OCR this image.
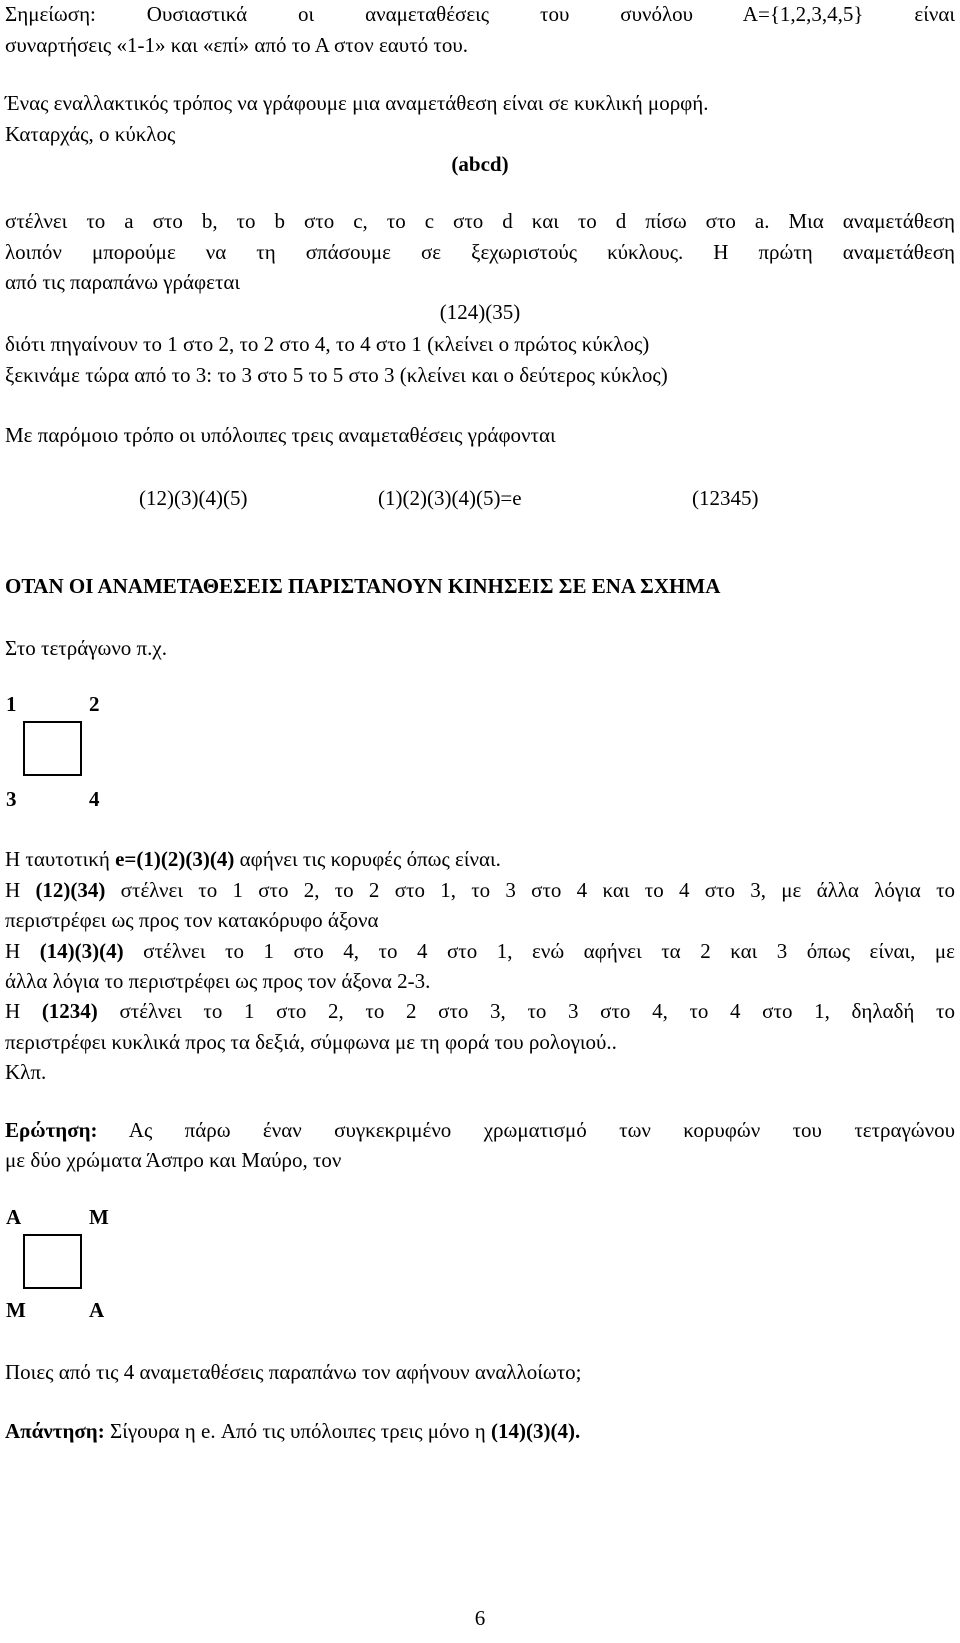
Σημείωση: Ουσιαστικά οι αναμεταθέσεις του συνόλου Α={1,2,3,4,5} είναι

συναρτήσεις «1-1» και «επί» από το Α στον εαυτό του.

Ένας εναλλακτικός τρόπος να γράφουμε μια αναμετάθεση είναι σε κυκλική μορφή.

Καταρχάς, ο κύκλος

(abcd)

στέλνει το a στο b, το b στο c, το c στο d και το d πίσω στο a. Μια αναμετάθεση

λοιπόν μπορούμε να τη σπάσουμε σε ξεχωριστούς κύκλους. Η πρώτη αναμετάθεση

από τις παραπάνω γράφεται

(124)(35)

διότι πηγαίνουν το 1 στο 2, το 2 στο 4, το 4 στο 1 (κλείνει ο πρώτος κύκλος)

ξεκινάμε τώρα από το 3: το 3 στο 5 το 5 στο 3 (κλείνει και ο δεύτερος κύκλος)

Με παρόμοιο τρόπο οι υπόλοιπες τρεις αναμεταθέσεις γράφονται

(12)(3)(4)(5)	(1)(2)(3)(4)(5)=e	(12345)

ΟΤΑΝ ΟΙ ΑΝΑΜΕΤΑΘΕΣΕΙΣ ΠΑΡΙΣΤΑΝΟΥΝ ΚΙΝΗΣΕΙΣ ΣΕ ΕΝΑ ΣΧΗΜΑ

Στο τετράγωνο π.χ.

1	2
3	4

Η ταυτοτική e=(1)(2)(3)(4) αφήνει τις κορυφές όπως είναι.

Η (12)(34) στέλνει το 1 στο 2, το 2 στο 1, το 3 στο 4 και το 4 στο 3, με άλλα λόγια το

περιστρέφει ως προς τον κατακόρυφο άξονα

Η (14)(3)(4) στέλνει το 1 στο 4, το 4 στο 1, ενώ αφήνει τα 2 και 3 όπως είναι, με

άλλα λόγια το περιστρέφει ως προς τον άξονα 2-3.

Η (1234) στέλνει το 1 στο 2, το 2 στο 3, το 3 στο 4, το 4 στο 1, δηλαδή το

περιστρέφει κυκλικά προς τα δεξιά, σύμφωνα με τη φορά του ρολογιού..

Κλπ.

Ερώτηση: Ας πάρω έναν συγκεκριμένο χρωματισμό των κορυφών του τετραγώνου

με δύο χρώματα Άσπρο και Μαύρο, τον

Α	Μ
Μ	Α

Ποιες από τις 4 αναμεταθέσεις παραπάνω τον αφήνουν αναλλοίωτο;

Απάντηση: Σίγουρα η e. Από τις υπόλοιπες τρεις μόνο η (14)(3)(4).

6
